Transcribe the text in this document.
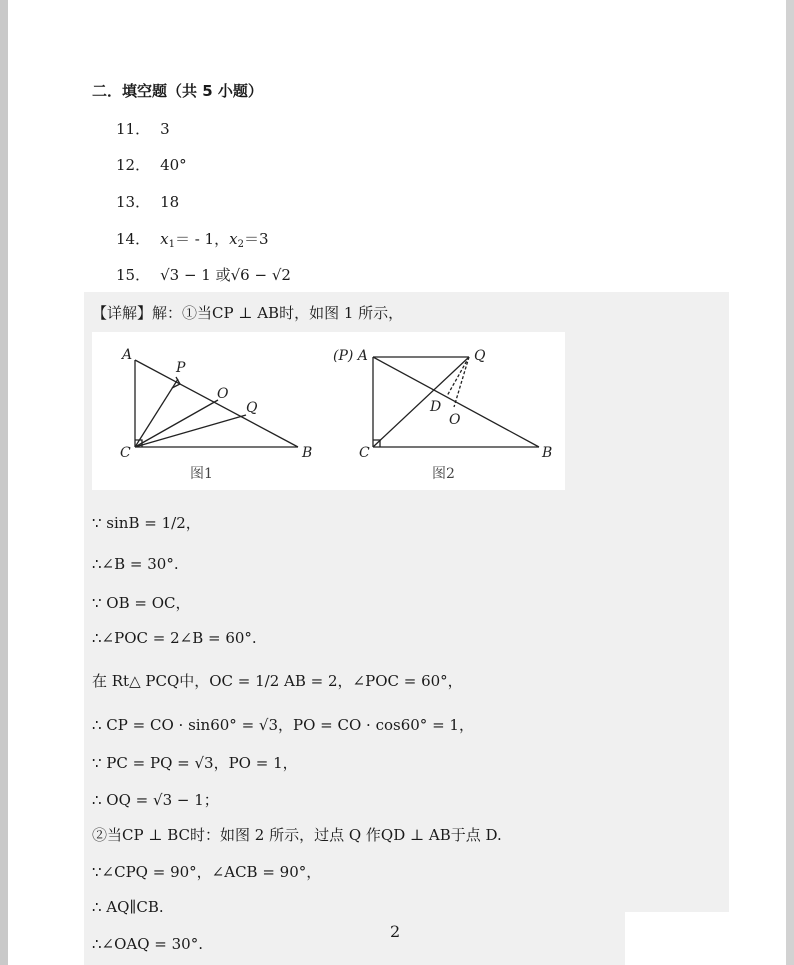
二．填空题（共 5 小题）
11． 3
12． 40°
13． 18
14． $x_1= - 1$，$x_2=3$
15． √3 − 1 或√6 − √2
【详解】解：①当CP ⊥ AB时，如图 1 所示，
A
P
O
Q
C	B
(P) A	Q
D
O
C	B
图1	图2
∵ sinB = 1/2，
∴∠B = 30°.
∵ OB = OC，
∴∠POC = 2∠B = 60°.
在 Rt△ PCQ中，OC = 1/2 AB = 2，∠POC = 60°，
∴ CP = CO · sin60° = √3，PO = CO · cos60° = 1，
∵ PC = PQ = √3，PO = 1，
∴ OQ = √3 − 1；
②当CP ⊥ BC时：如图 2 所示，过点 Q 作QD ⊥ AB于点 D.
∵∠CPQ = 90°，∠ACB = 90°，
∴ AQ∥CB.
∴∠OAQ = 30°.
2
